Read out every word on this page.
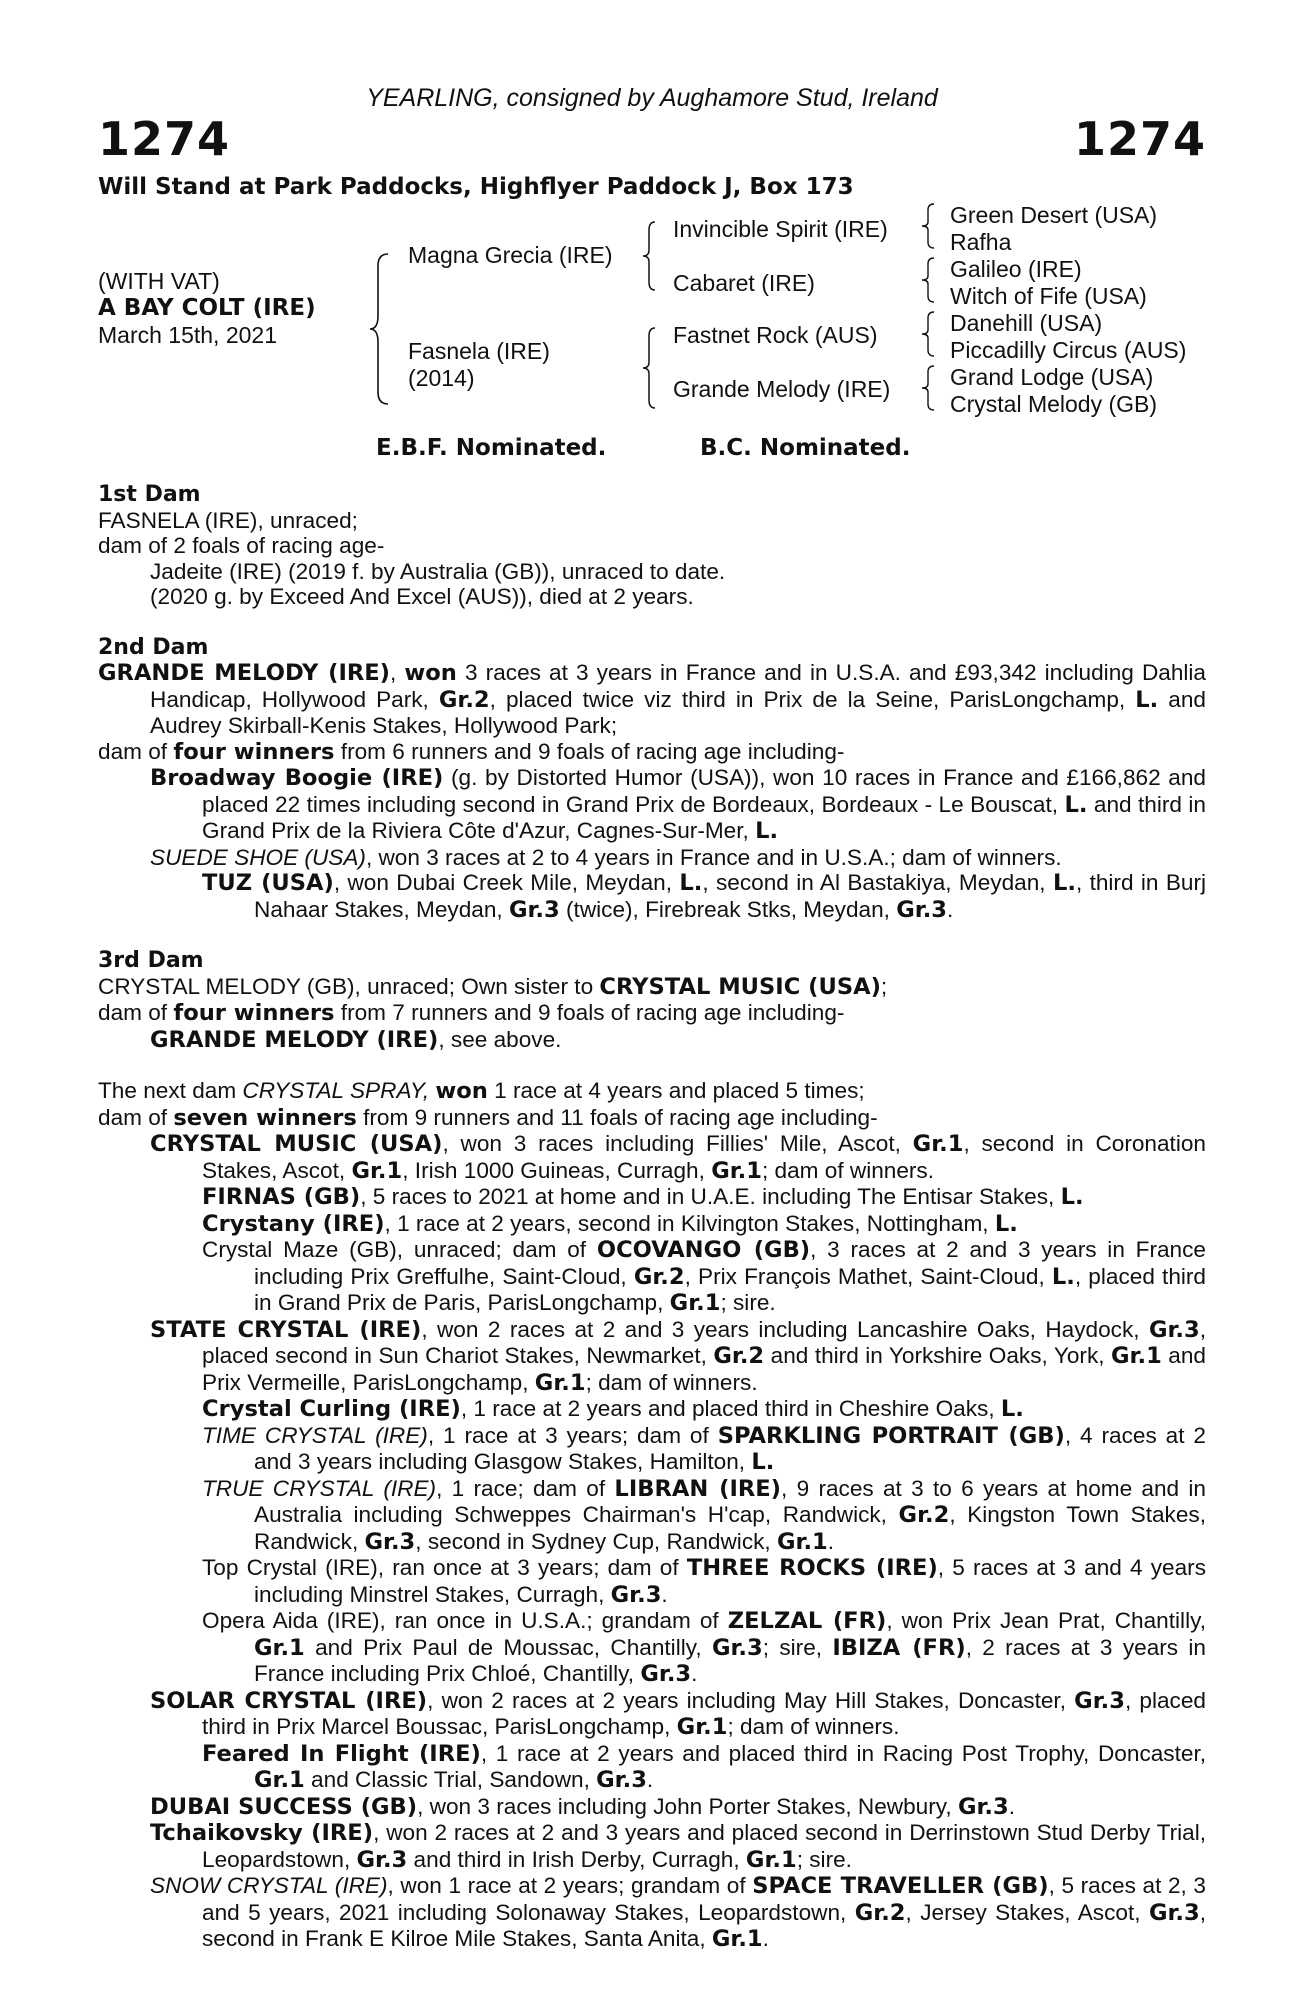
YEARLING, consigned by Aughamore Stud, Ireland
1274	1274
Will Stand at Park Paddocks, Highflyer Paddock J, Box 173
(WITH VAT)
A BAY COLT (IRE)
March 15th, 2021
Magna Grecia (IRE)
Fasnela (IRE)
(2014)
Invincible Spirit (IRE)
Cabaret (IRE)
Fastnet Rock (AUS)
Grande Melody (IRE)
Green Desert (USA)
Rafha
Galileo (IRE)
Witch of Fife (USA)
Danehill (USA)
Piccadilly Circus (AUS)
Grand Lodge (USA)
Crystal Melody (GB)
E.B.F. Nominated.	B.C. Nominated.
1st Dam
FASNELA (IRE), unraced;
dam of 2 foals of racing age-
Jadeite (IRE) (2019 f. by Australia (GB)), unraced to date.
(2020 g. by Exceed And Excel (AUS)), died at 2 years.
2nd Dam
GRANDE MELODY (IRE), won 3 races at 3 years in France and in U.S.A. and £93,342 including Dahlia Handicap, Hollywood Park, Gr.2, placed twice viz third in Prix de la Seine, ParisLongchamp, L. and Audrey Skirball-Kenis Stakes, Hollywood Park;
dam of four winners from 6 runners and 9 foals of racing age including-
Broadway Boogie (IRE) (g. by Distorted Humor (USA)), won 10 races in France and £166,862 and placed 22 times including second in Grand Prix de Bordeaux, Bordeaux - Le Bouscat, L. and third in Grand Prix de la Riviera Côte d'Azur, Cagnes-Sur-Mer, L.
SUEDE SHOE (USA), won 3 races at 2 to 4 years in France and in U.S.A.; dam of winners.
TUZ (USA), won Dubai Creek Mile, Meydan, L., second in Al Bastakiya, Meydan, L., third in Burj Nahaar Stakes, Meydan, Gr.3 (twice), Firebreak Stks, Meydan, Gr.3.
3rd Dam
CRYSTAL MELODY (GB), unraced; Own sister to CRYSTAL MUSIC (USA);
dam of four winners from 7 runners and 9 foals of racing age including-
GRANDE MELODY (IRE), see above.
The next dam CRYSTAL SPRAY, won 1 race at 4 years and placed 5 times;
dam of seven winners from 9 runners and 11 foals of racing age including-
CRYSTAL MUSIC (USA), won 3 races including Fillies' Mile, Ascot, Gr.1, second in Coronation Stakes, Ascot, Gr.1, Irish 1000 Guineas, Curragh, Gr.1; dam of winners.
FIRNAS (GB), 5 races to 2021 at home and in U.A.E. including The Entisar Stakes, L.
Crystany (IRE), 1 race at 2 years, second in Kilvington Stakes, Nottingham, L.
Crystal Maze (GB), unraced; dam of OCOVANGO (GB), 3 races at 2 and 3 years in France including Prix Greffulhe, Saint-Cloud, Gr.2, Prix François Mathet, Saint-Cloud, L., placed third in Grand Prix de Paris, ParisLongchamp, Gr.1; sire.
STATE CRYSTAL (IRE), won 2 races at 2 and 3 years including Lancashire Oaks, Haydock, Gr.3, placed second in Sun Chariot Stakes, Newmarket, Gr.2 and third in Yorkshire Oaks, York, Gr.1 and Prix Vermeille, ParisLongchamp, Gr.1; dam of winners.
Crystal Curling (IRE), 1 race at 2 years and placed third in Cheshire Oaks, L.
TIME CRYSTAL (IRE), 1 race at 3 years; dam of SPARKLING PORTRAIT (GB), 4 races at 2 and 3 years including Glasgow Stakes, Hamilton, L.
TRUE CRYSTAL (IRE), 1 race; dam of LIBRAN (IRE), 9 races at 3 to 6 years at home and in Australia including Schweppes Chairman's H'cap, Randwick, Gr.2, Kingston Town Stakes, Randwick, Gr.3, second in Sydney Cup, Randwick, Gr.1.
Top Crystal (IRE), ran once at 3 years; dam of THREE ROCKS (IRE), 5 races at 3 and 4 years including Minstrel Stakes, Curragh, Gr.3.
Opera Aida (IRE), ran once in U.S.A.; grandam of ZELZAL (FR), won Prix Jean Prat, Chantilly, Gr.1 and Prix Paul de Moussac, Chantilly, Gr.3; sire, IBIZA (FR), 2 races at 3 years in France including Prix Chloé, Chantilly, Gr.3.
SOLAR CRYSTAL (IRE), won 2 races at 2 years including May Hill Stakes, Doncaster, Gr.3, placed third in Prix Marcel Boussac, ParisLongchamp, Gr.1; dam of winners.
Feared In Flight (IRE), 1 race at 2 years and placed third in Racing Post Trophy, Doncaster, Gr.1 and Classic Trial, Sandown, Gr.3.
DUBAI SUCCESS (GB), won 3 races including John Porter Stakes, Newbury, Gr.3.
Tchaikovsky (IRE), won 2 races at 2 and 3 years and placed second in Derrinstown Stud Derby Trial, Leopardstown, Gr.3 and third in Irish Derby, Curragh, Gr.1; sire.
SNOW CRYSTAL (IRE), won 1 race at 2 years; grandam of SPACE TRAVELLER (GB), 5 races at 2, 3 and 5 years, 2021 including Solonaway Stakes, Leopardstown, Gr.2, Jersey Stakes, Ascot, Gr.3, second in Frank E Kilroe Mile Stakes, Santa Anita, Gr.1.
